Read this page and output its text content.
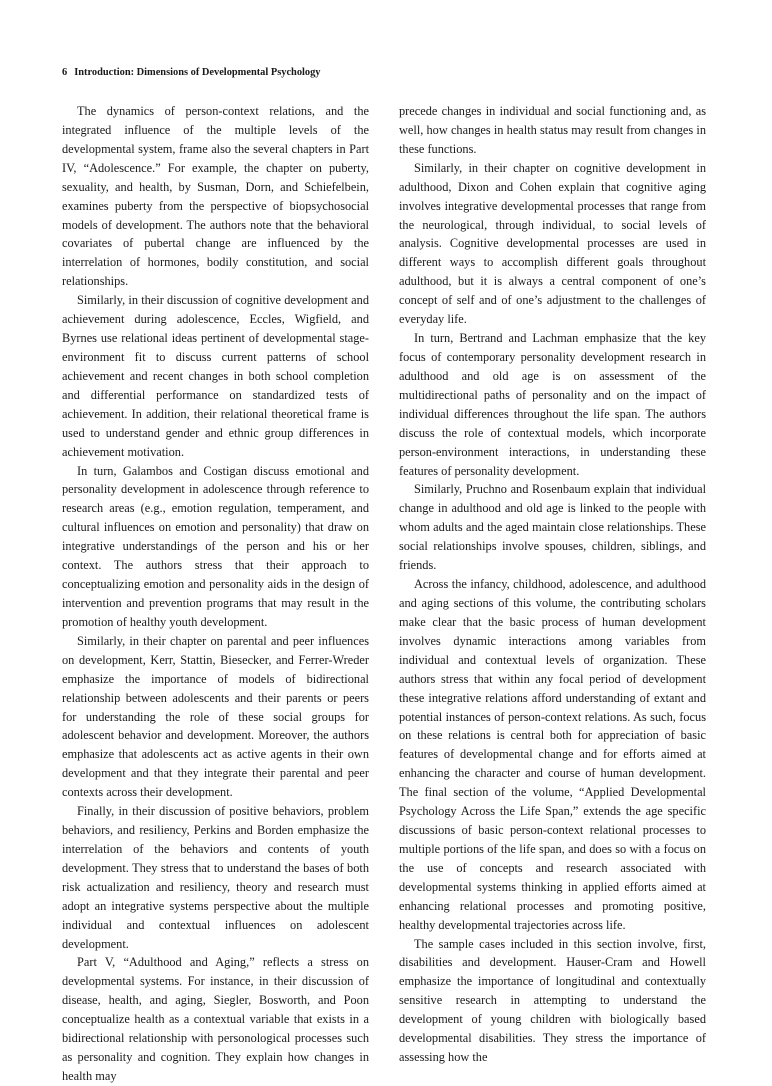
6 Introduction: Dimensions of Developmental Psychology

The dynamics of person-context relations, and the integrated influence of the multiple levels of the developmental system, frame also the several chapters in Part IV, “Adolescence.” For example, the chapter on puberty, sexuality, and health, by Susman, Dorn, and Schiefelbein, examines puberty from the perspective of biopsychosocial models of development. The authors note that the behavioral covariates of pubertal change are influenced by the interrelation of hormones, bodily constitution, and social relationships.

Similarly, in their discussion of cognitive development and achievement during adolescence, Eccles, Wigfield, and Byrnes use relational ideas pertinent of developmental stage-environment fit to discuss current patterns of school achievement and recent changes in both school completion and differential performance on standardized tests of achievement. In addition, their relational theoretical frame is used to understand gender and ethnic group differences in achievement motivation.

In turn, Galambos and Costigan discuss emotional and personality development in adolescence through reference to research areas (e.g., emotion regulation, temperament, and cultural influences on emotion and personality) that draw on integrative understandings of the person and his or her context. The authors stress that their approach to conceptualizing emotion and personality aids in the design of intervention and prevention programs that may result in the promotion of healthy youth development.

Similarly, in their chapter on parental and peer influences on development, Kerr, Stattin, Biesecker, and Ferrer-Wreder emphasize the importance of models of bidirectional relationship between adolescents and their parents or peers for understanding the role of these social groups for adolescent behavior and development. Moreover, the authors emphasize that adolescents act as active agents in their own development and that they integrate their parental and peer contexts across their development.

Finally, in their discussion of positive behaviors, problem behaviors, and resiliency, Perkins and Borden emphasize the interrelation of the behaviors and contents of youth development. They stress that to understand the bases of both risk actualization and resiliency, theory and research must adopt an integrative systems perspective about the multiple individual and contextual influences on adolescent development.

Part V, “Adulthood and Aging,” reflects a stress on developmental systems. For instance, in their discussion of disease, health, and aging, Siegler, Bosworth, and Poon conceptualize health as a contextual variable that exists in a bidirectional relationship with personological processes such as personality and cognition. They explain how changes in health may

precede changes in individual and social functioning and, as well, how changes in health status may result from changes in these functions.

Similarly, in their chapter on cognitive development in adulthood, Dixon and Cohen explain that cognitive aging involves integrative developmental processes that range from the neurological, through individual, to social levels of analysis. Cognitive developmental processes are used in different ways to accomplish different goals throughout adulthood, but it is always a central component of one’s concept of self and of one’s adjustment to the challenges of everyday life.

In turn, Bertrand and Lachman emphasize that the key focus of contemporary personality development research in adulthood and old age is on assessment of the multidirectional paths of personality and on the impact of individual differences throughout the life span. The authors discuss the role of contextual models, which incorporate person-environment interactions, in understanding these features of personality development.

Similarly, Pruchno and Rosenbaum explain that individual change in adulthood and old age is linked to the people with whom adults and the aged maintain close relationships. These social relationships involve spouses, children, siblings, and friends.

Across the infancy, childhood, adolescence, and adulthood and aging sections of this volume, the contributing scholars make clear that the basic process of human development involves dynamic interactions among variables from individual and contextual levels of organization. These authors stress that within any focal period of development these integrative relations afford understanding of extant and potential instances of person-context relations. As such, focus on these relations is central both for appreciation of basic features of developmental change and for efforts aimed at enhancing the character and course of human development. The final section of the volume, “Applied Developmental Psychology Across the Life Span,” extends the age specific discussions of basic person-context relational processes to multiple portions of the life span, and does so with a focus on the use of concepts and research associated with developmental systems thinking in applied efforts aimed at enhancing relational processes and promoting positive, healthy developmental trajectories across life.

The sample cases included in this section involve, first, disabilities and development. Hauser-Cram and Howell emphasize the importance of longitudinal and contextually sensitive research in attempting to understand the development of young children with biologically based developmental disabilities. They stress the importance of assessing how the
